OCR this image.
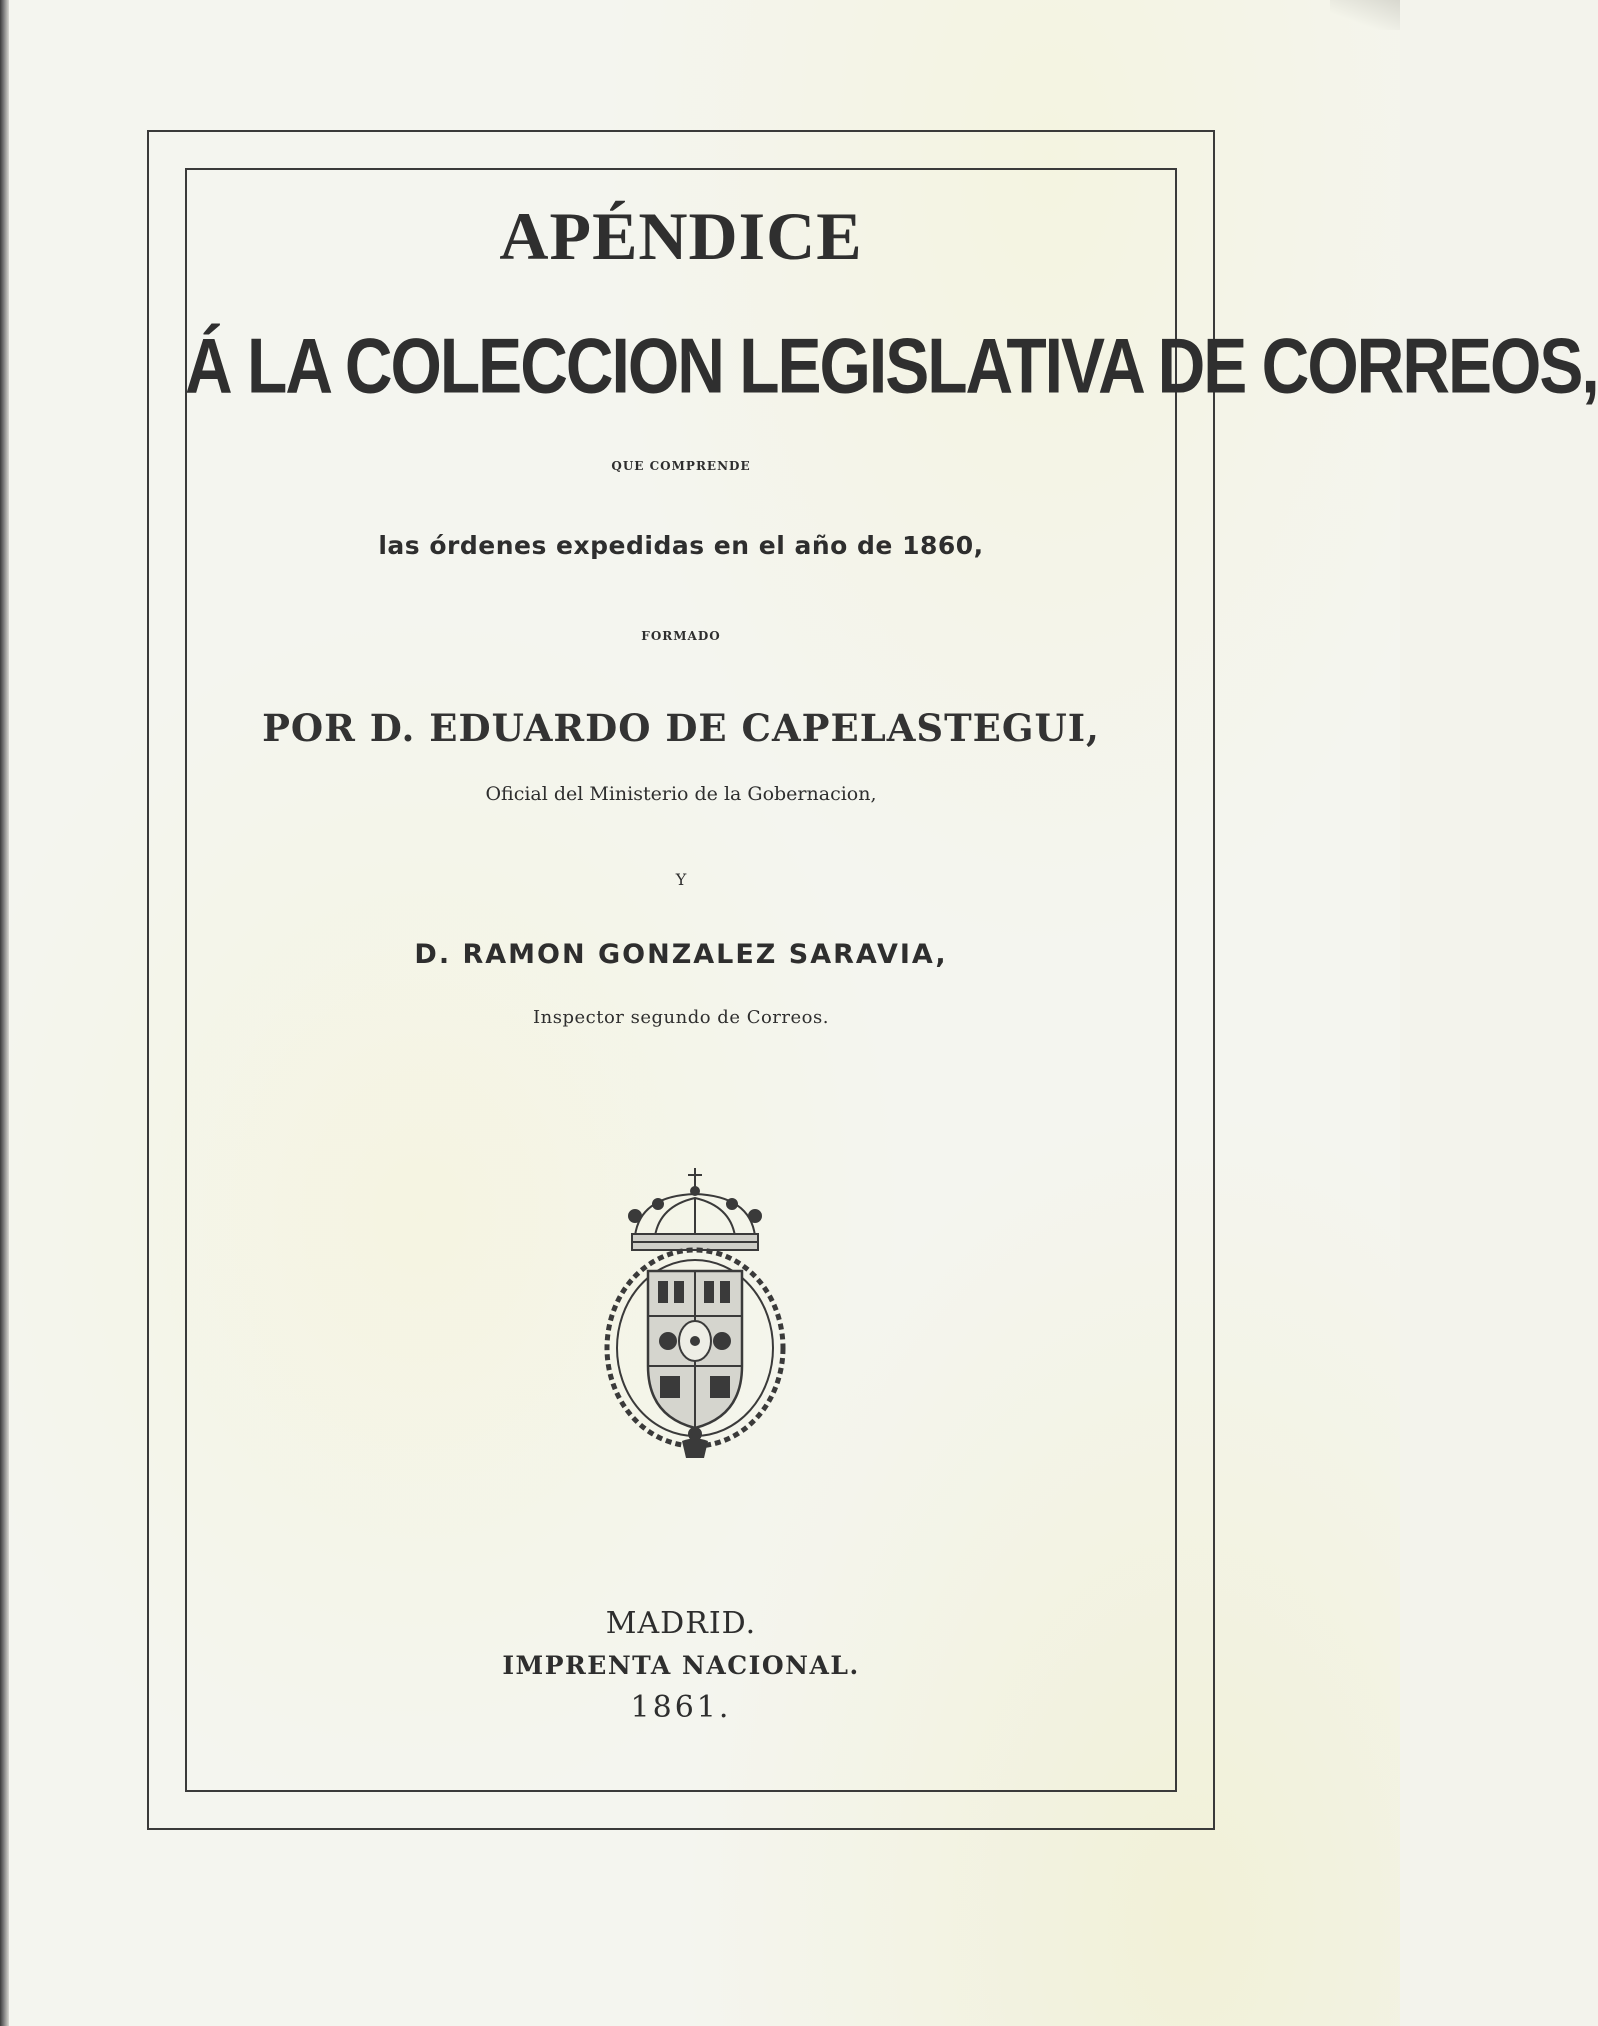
APÉNDICE

Á LA COLECCION LEGISLATIVA DE CORREOS,

QUE COMPRENDE

las órdenes expedidas en el año de 1860,

FORMADO

POR D. EDUARDO DE CAPELASTEGUI,

Oficial del Ministerio de la Gobernacion,

Y

D. RAMON GONZALEZ SARAVIA,

Inspector segundo de Correos.

MADRID.

IMPRENTA NACIONAL.

1861.
